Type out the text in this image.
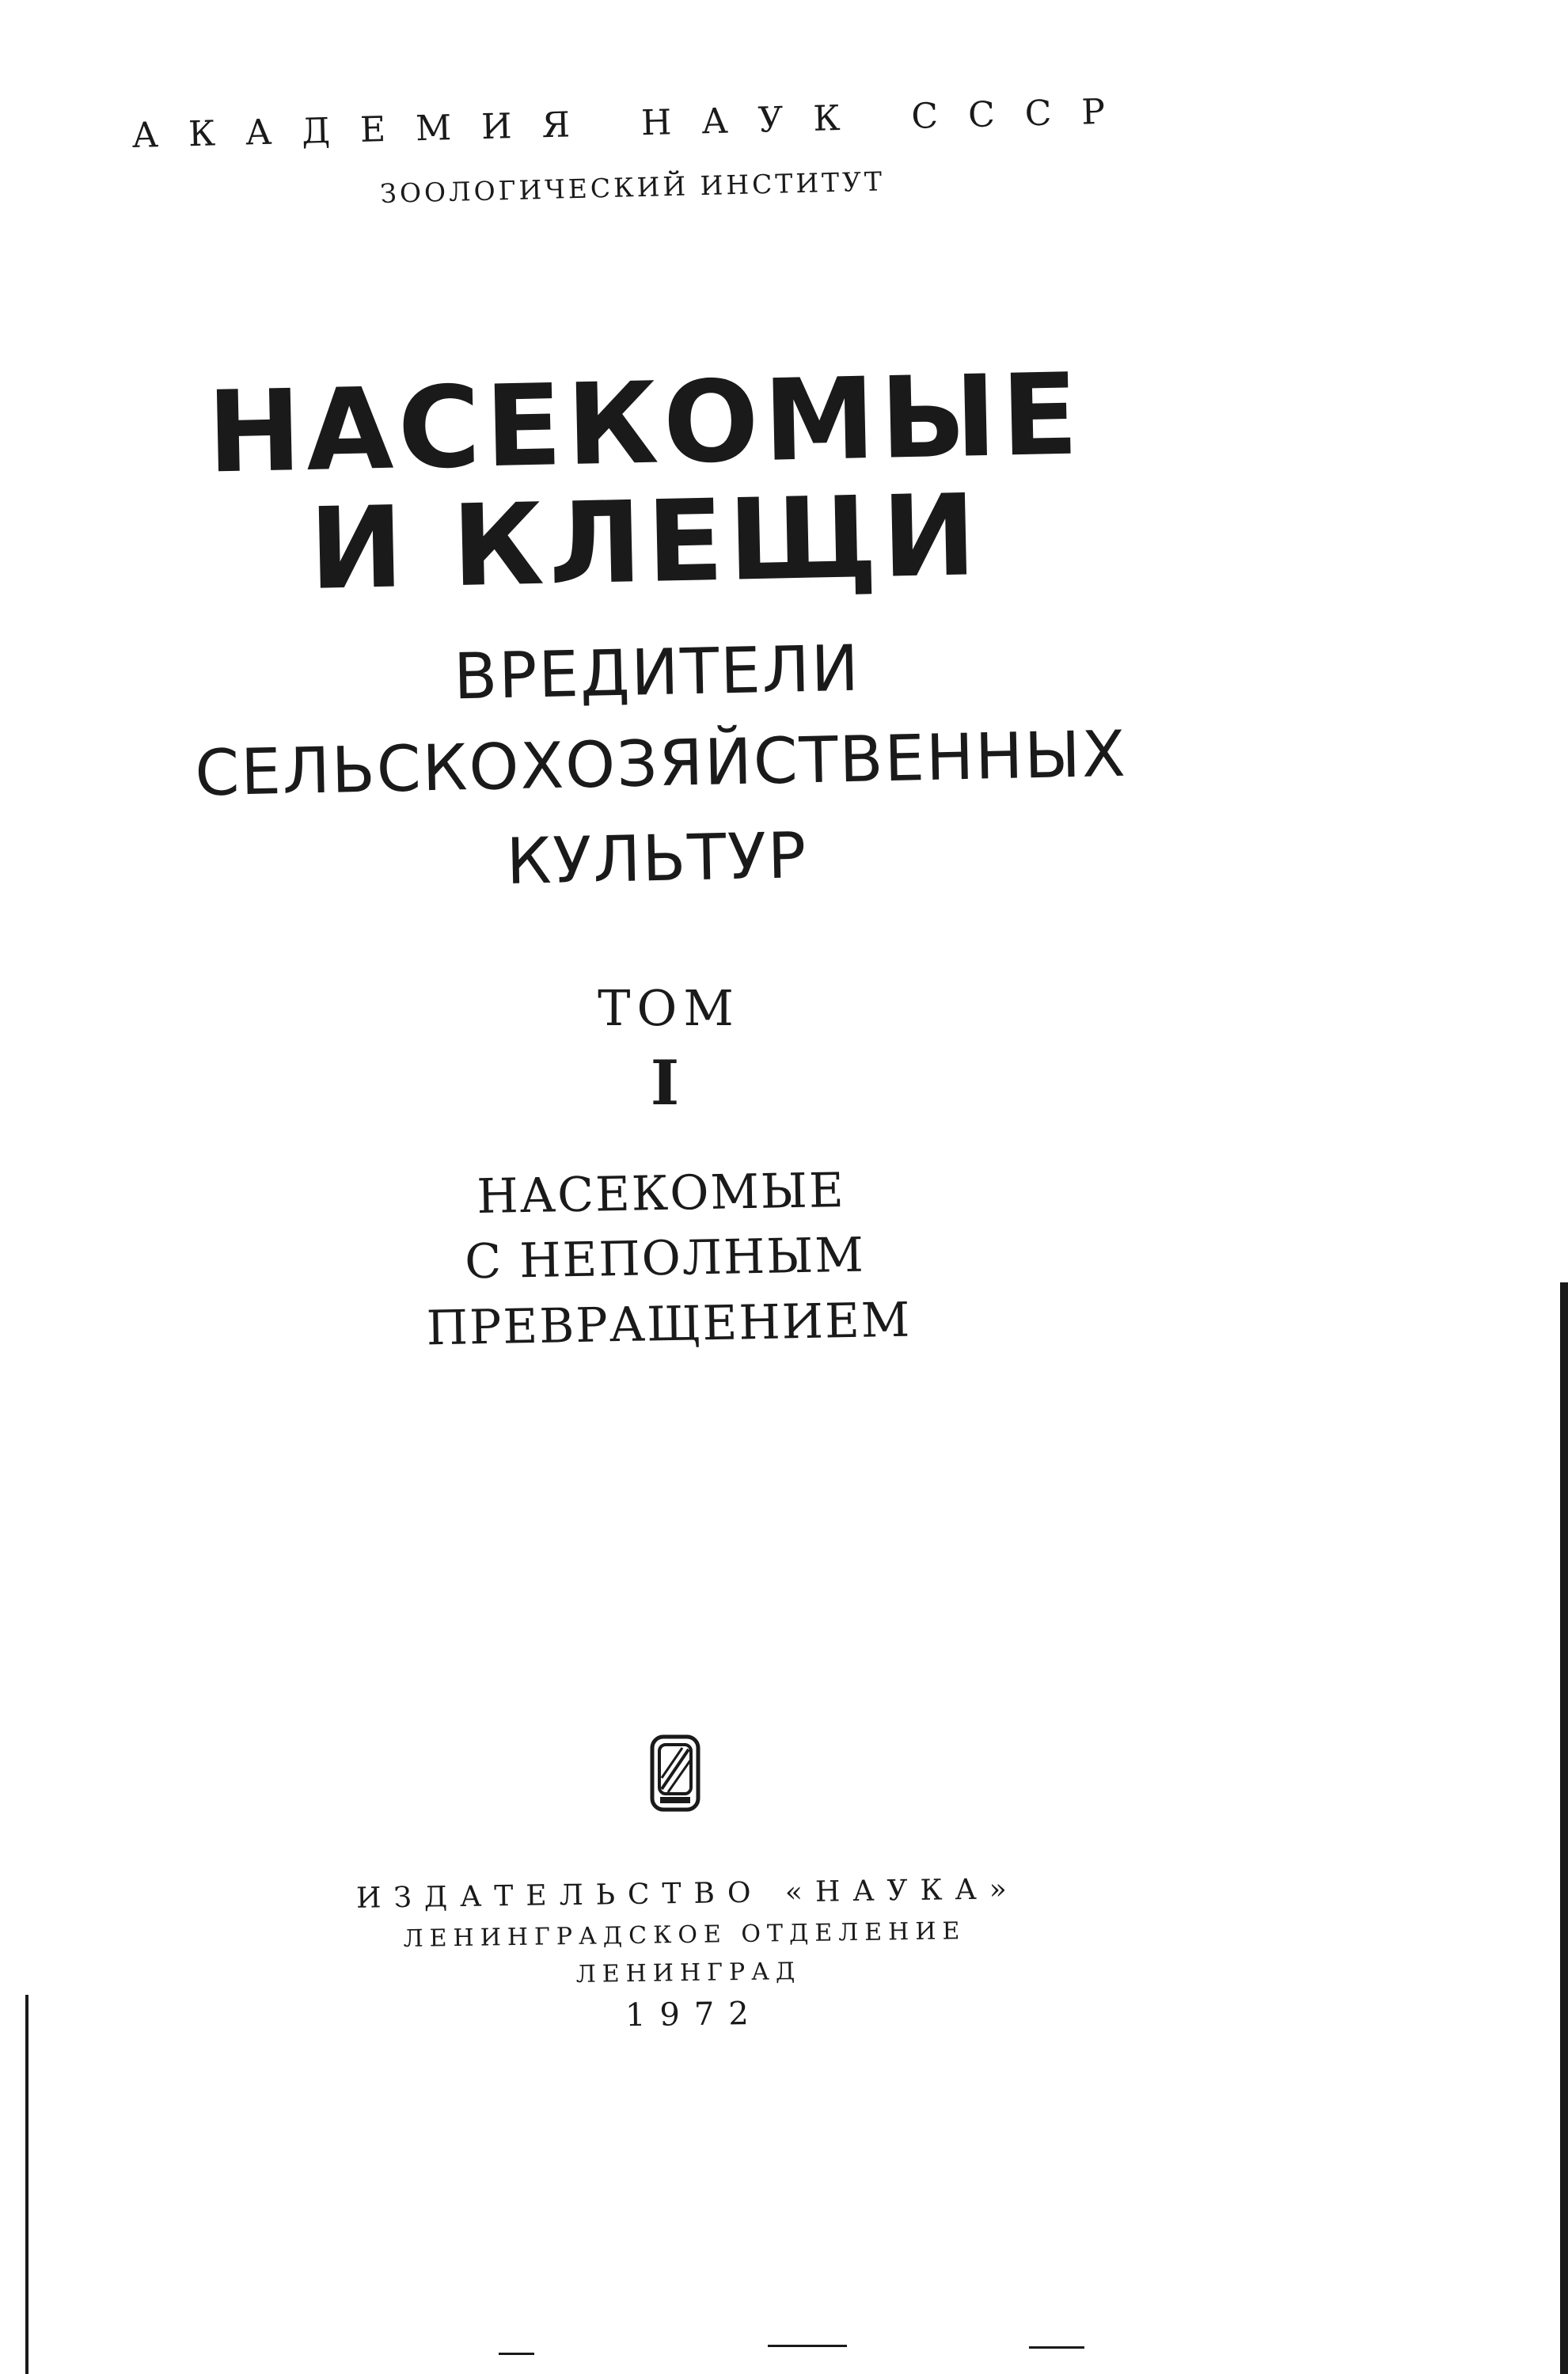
АКАДЕМИЯ НАУК СССР
ЗООЛОГИЧЕСКИЙ ИНСТИТУТ
НАСЕКОМЫЕ
И КЛЕЩИ
ВРЕДИТЕЛИ
СЕЛЬСКОХОЗЯЙСТВЕННЫХ
КУЛЬТУР
ТОМ
I
НАСЕКОМЫЕ
С НЕПОЛНЫМ
ПРЕВРАЩЕНИЕМ
ИЗДАТЕЛЬСТВО «НАУКА»
ЛЕНИНГРАДСКОЕ ОТДЕЛЕНИЕ
ЛЕНИНГРАД
1972
